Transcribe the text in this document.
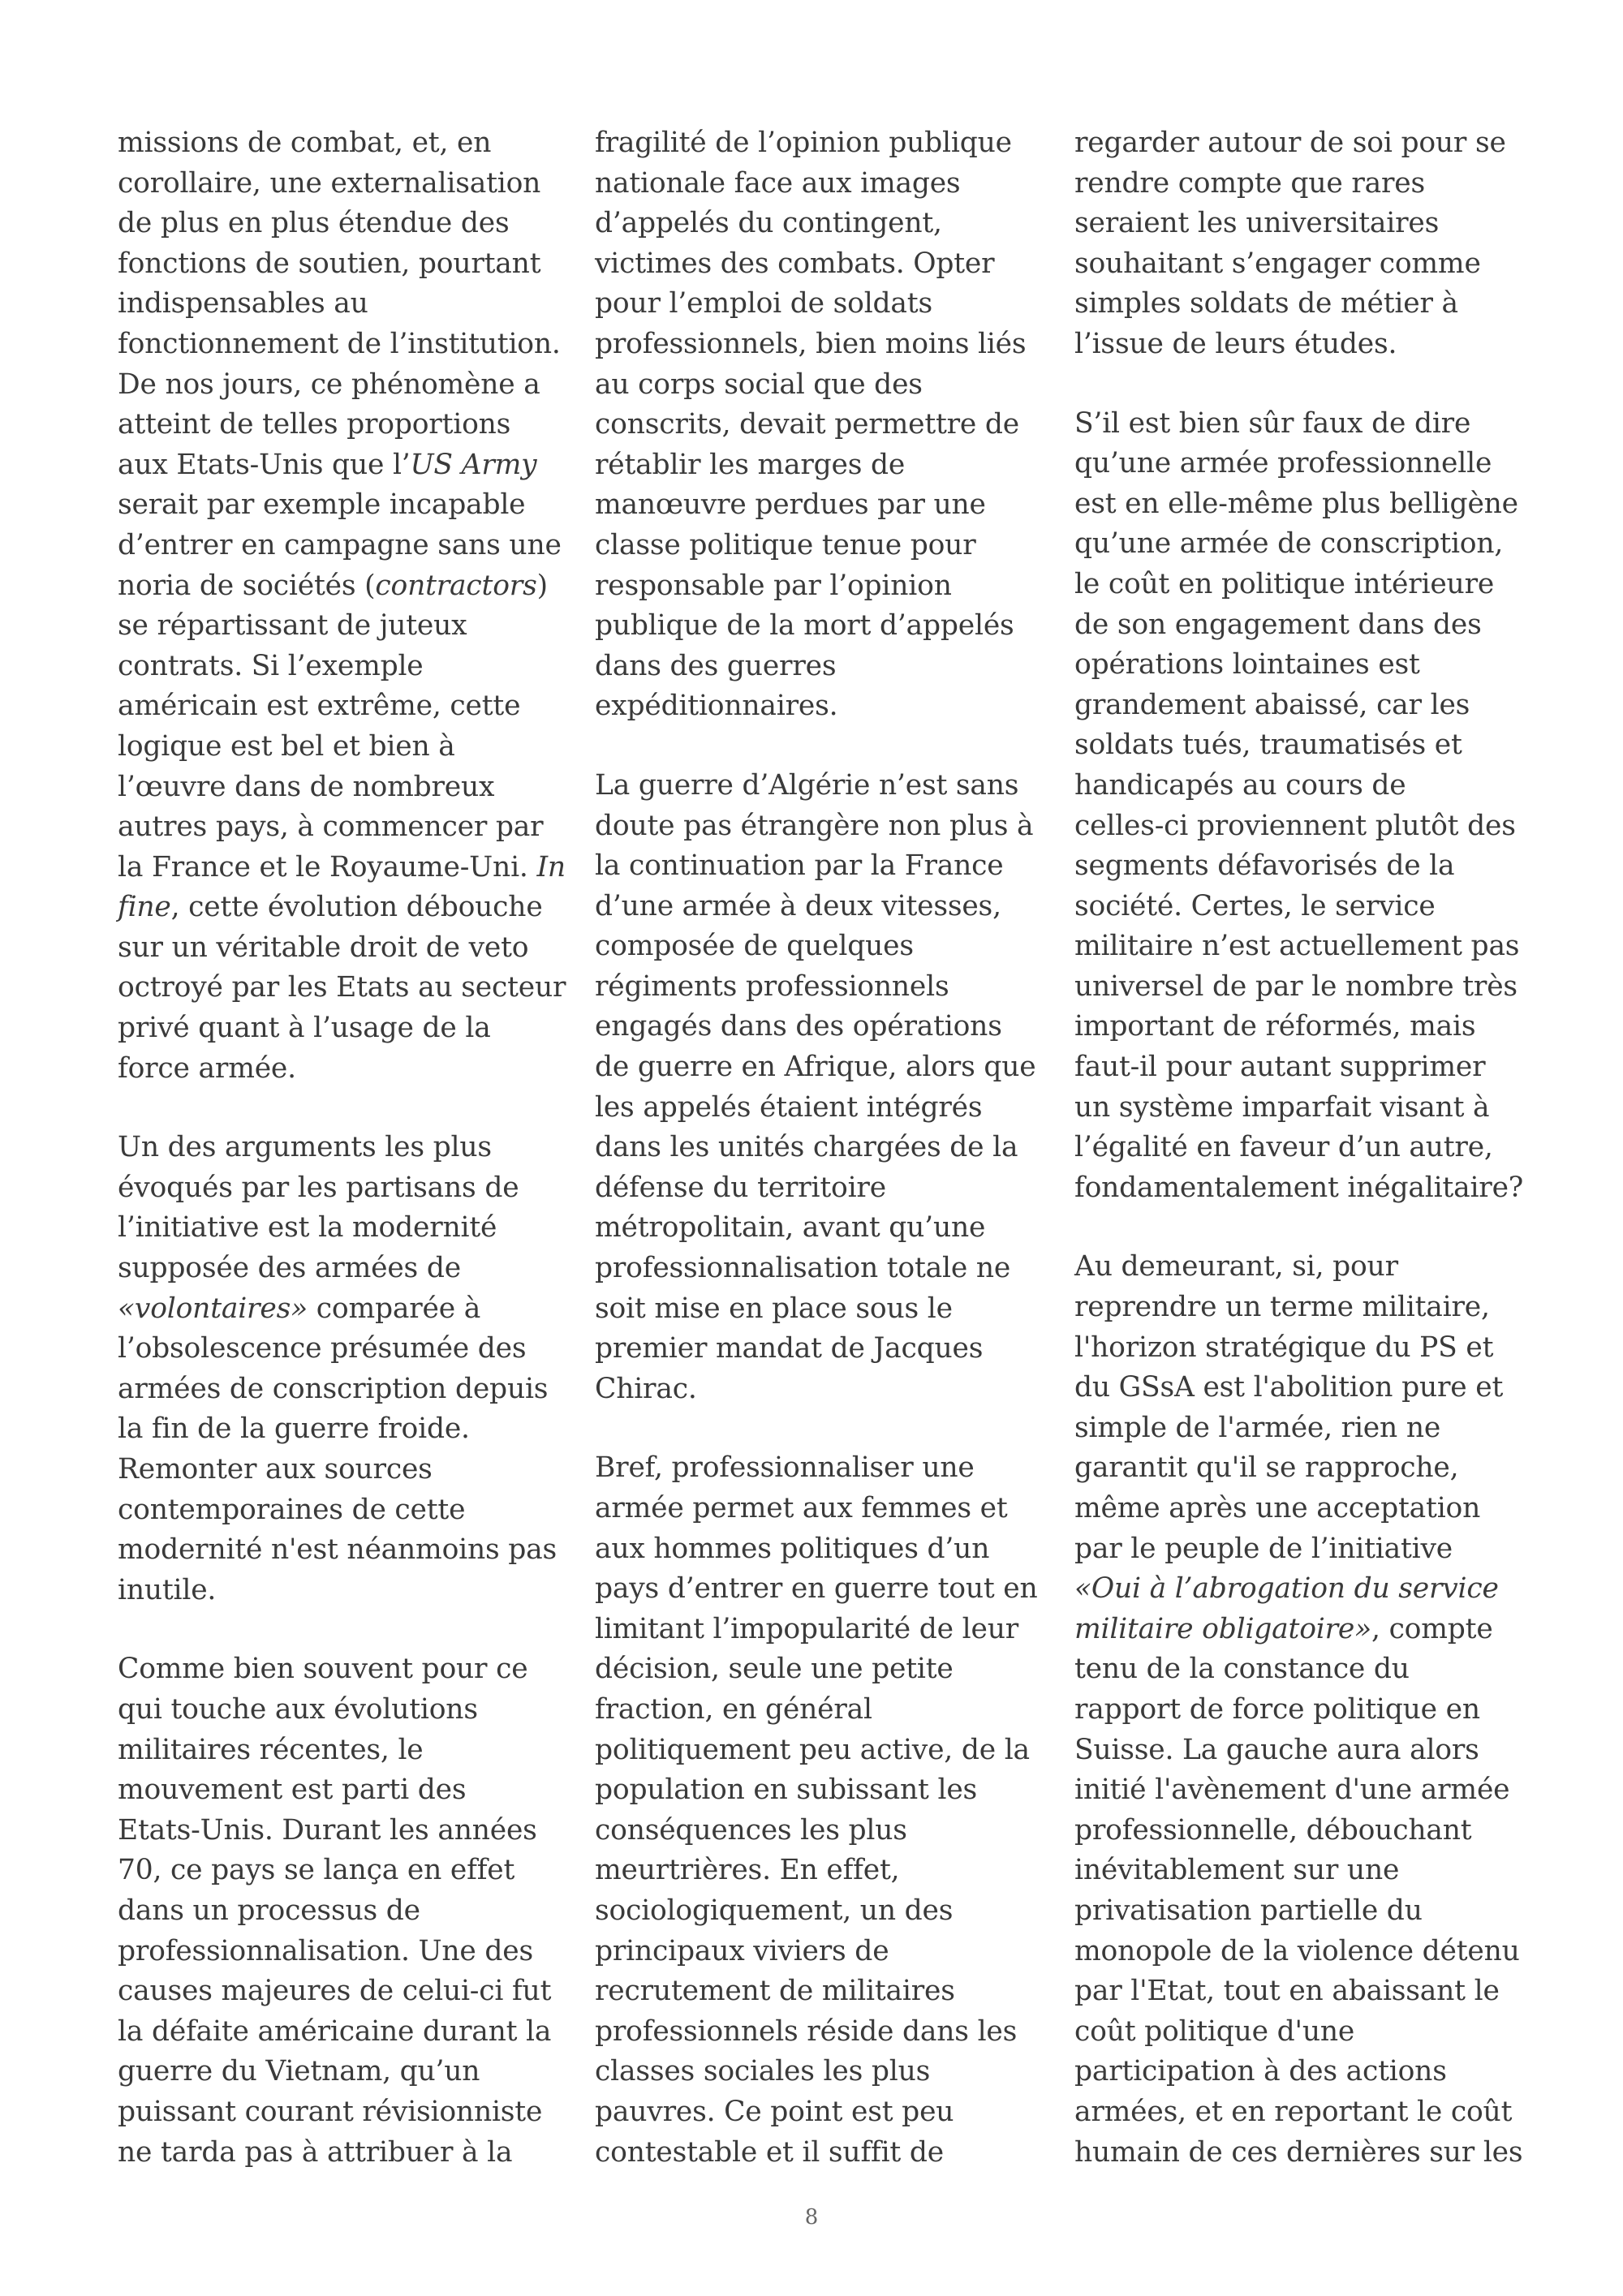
missions de combat, et, en
corollaire, une externalisation
de plus en plus étendue des
fonctions de soutien, pourtant
indispensables au
fonctionnement de l’institution.
De nos jours, ce phénomène a
atteint de telles proportions
aux Etats-Unis que l’US Army
serait par exemple incapable
d’entrer en campagne sans une
noria de sociétés (contractors)
se répartissant de juteux
contrats. Si l’exemple
américain est extrême, cette
logique est bel et bien à
l’œuvre dans de nombreux
autres pays, à commencer par
la France et le Royaume-Uni. In
fine, cette évolution débouche
sur un véritable droit de veto
octroyé par les Etats au secteur
privé quant à l’usage de la
force armée.

Un des arguments les plus
évoqués par les partisans de
l’initiative est la modernité
supposée des armées de
«volontaires» comparée à
l’obsolescence présumée des
armées de conscription depuis
la fin de la guerre froide.
Remonter aux sources
contemporaines de cette
modernité n'est néanmoins pas
inutile.

Comme bien souvent pour ce
qui touche aux évolutions
militaires récentes, le
mouvement est parti des
Etats-Unis. Durant les années
70, ce pays se lança en effet
dans un processus de
professionnalisation. Une des
causes majeures de celui-ci fut
la défaite américaine durant la
guerre du Vietnam, qu’un
puissant courant révisionniste
ne tarda pas à attribuer à la

fragilité de l’opinion publique
nationale face aux images
d’appelés du contingent,
victimes des combats. Opter
pour l’emploi de soldats
professionnels, bien moins liés
au corps social que des
conscrits, devait permettre de
rétablir les marges de
manœuvre perdues par une
classe politique tenue pour
responsable par l’opinion
publique de la mort d’appelés
dans des guerres
expéditionnaires.

La guerre d’Algérie n’est sans
doute pas étrangère non plus à
la continuation par la France
d’une armée à deux vitesses,
composée de quelques
régiments professionnels
engagés dans des opérations
de guerre en Afrique, alors que
les appelés étaient intégrés
dans les unités chargées de la
défense du territoire
métropolitain, avant qu’une
professionnalisation totale ne
soit mise en place sous le
premier mandat de Jacques
Chirac.

Bref, professionnaliser une
armée permet aux femmes et
aux hommes politiques d’un
pays d’entrer en guerre tout en
limitant l’impopularité de leur
décision, seule une petite
fraction, en général
politiquement peu active, de la
population en subissant les
conséquences les plus
meurtrières. En effet,
sociologiquement, un des
principaux viviers de
recrutement de militaires
professionnels réside dans les
classes sociales les plus
pauvres. Ce point est peu
contestable et il suffit de

regarder autour de soi pour se
rendre compte que rares
seraient les universitaires
souhaitant s’engager comme
simples soldats de métier à
l’issue de leurs études.

S’il est bien sûr faux de dire
qu’une armée professionnelle
est en elle-même plus belligène
qu’une armée de conscription,
le coût en politique intérieure
de son engagement dans des
opérations lointaines est
grandement abaissé, car les
soldats tués, traumatisés et
handicapés au cours de
celles-ci proviennent plutôt des
segments défavorisés de la
société. Certes, le service
militaire n’est actuellement pas
universel de par le nombre très
important de réformés, mais
faut-il pour autant supprimer
un système imparfait visant à
l’égalité en faveur d’un autre,
fondamentalement inégalitaire?

Au demeurant, si, pour
reprendre un terme militaire,
l'horizon stratégique du PS et
du GSsA est l'abolition pure et
simple de l'armée, rien ne
garantit qu'il se rapproche,
même après une acceptation
par le peuple de l’initiative
«Oui à l’abrogation du service
militaire obligatoire», compte
tenu de la constance du
rapport de force politique en
Suisse. La gauche aura alors
initié l'avènement d'une armée
professionnelle, débouchant
inévitablement sur une
privatisation partielle du
monopole de la violence détenu
par l'Etat, tout en abaissant le
coût politique d'une
participation à des actions
armées, et en reportant le coût
humain de ces dernières sur les

8
